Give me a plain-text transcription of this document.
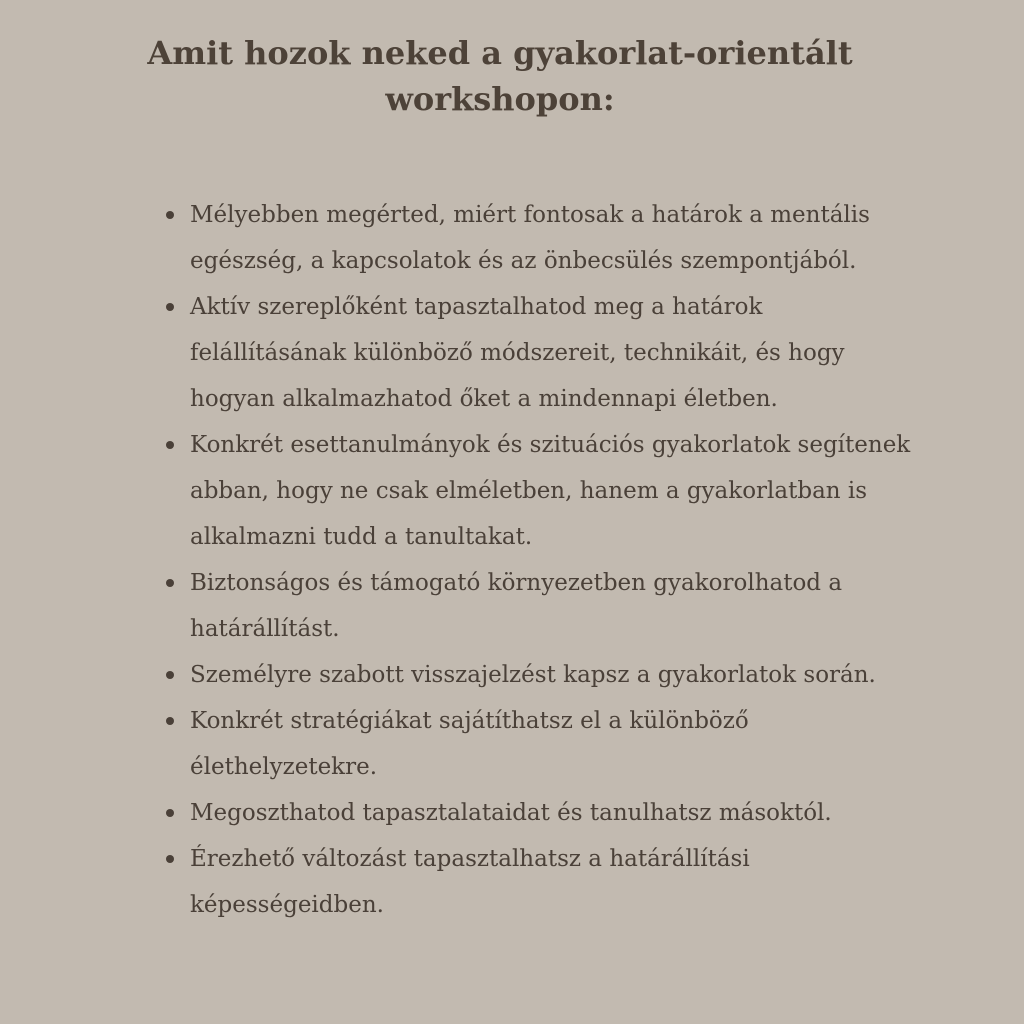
Amit hozok neked a gyakorlat-orientált
workshopon:
Mélyebben megérted, miért fontosak a határok a mentális
egészség, a kapcsolatok és az önbecsülés szempontjából.
Aktív szereplőként tapasztalhatod meg a határok
felállításának különböző módszereit, technikáit, és hogy
hogyan alkalmazhatod őket a mindennapi életben.
Konkrét esettanulmányok és szituációs gyakorlatok segítenek
abban, hogy ne csak elméletben, hanem a gyakorlatban is
alkalmazni tudd a tanultakat.
Biztonságos és támogató környezetben gyakorolhatod a
határállítást.
Személyre szabott visszajelzést kapsz a gyakorlatok során.
Konkrét stratégiákat sajátíthatsz el a különböző
élethelyzetekre.
Megoszthatod tapasztalataidat és tanulhatsz másoktól.
Érezhető változást tapasztalhatsz a határállítási
képességeidben.
